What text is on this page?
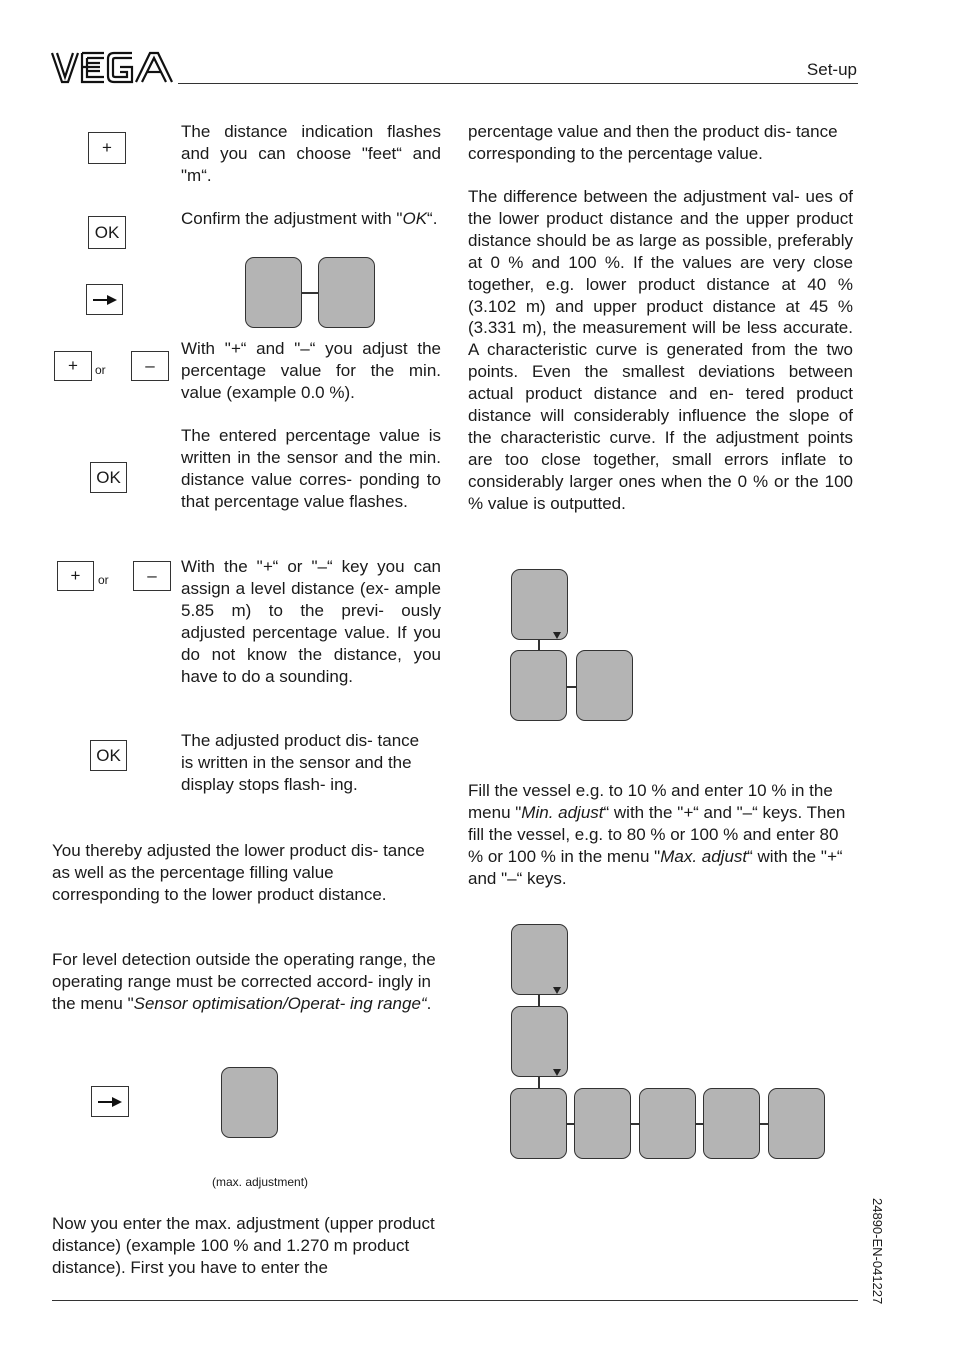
Set-up
+

The distance indication flashes and you can choose "feet“ and "m“.

OK

Confirm the adjustment with "OK“.

+ or –

With "+“ and "–“ you adjust the percentage value for the min. value (example 0.0 %).

OK

The entered percentage value is written in the sensor and the min. distance value corres- ponding to that percentage value flashes.

+ or – With the "+“ or "–“ key you can assign a level distance (ex- ample 5.85 m) to the previ- ously adjusted percentage value. If you do not know the distance, you have to do a sounding.

OK

The adjusted product dis- tance is written in the sensor and the display stops flash- ing.

You thereby adjusted the lower product dis- tance as well as the percentage filling value corresponding to the lower product distance.

For level detection outside the operating range, the operating range must be corrected accord- ingly in the menu "Sensor optimisation/Operat- ing range“.

(max. adjustment)

Now you enter the max. adjustment (upper product distance) (example 100 % and 1.270 m product distance). First you have to enter the

percentage value and then the product dis- tance corresponding to the percentage value.

The difference between the adjustment val- ues of the lower product distance and the upper product distance should be as large as possible, preferably at 0 % and 100 %. If the values are very close together, e.g. lower product distance at 40 % (3.102 m) and upper product distance at 45 % (3.331 m), the measurement will be less accurate. A characteristic curve is generated from the two points. Even the smallest deviations between actual product distance and en- tered product distance will considerably influence the slope of the characteristic curve. If the adjustment points are too close together, small errors inflate to considerably larger ones when the 0 % or the 100 % value is outputted.

Fill the vessel e.g. to 10 % and enter 10 % in the menu "Min. adjust“ with the "+“ and "–“ keys. Then fill the vessel, e.g. to 80 % or 100 % and enter 80 % or 100 % in the menu "Max. adjust“ with the "+“ and "–“ keys.

24890-EN-041227
